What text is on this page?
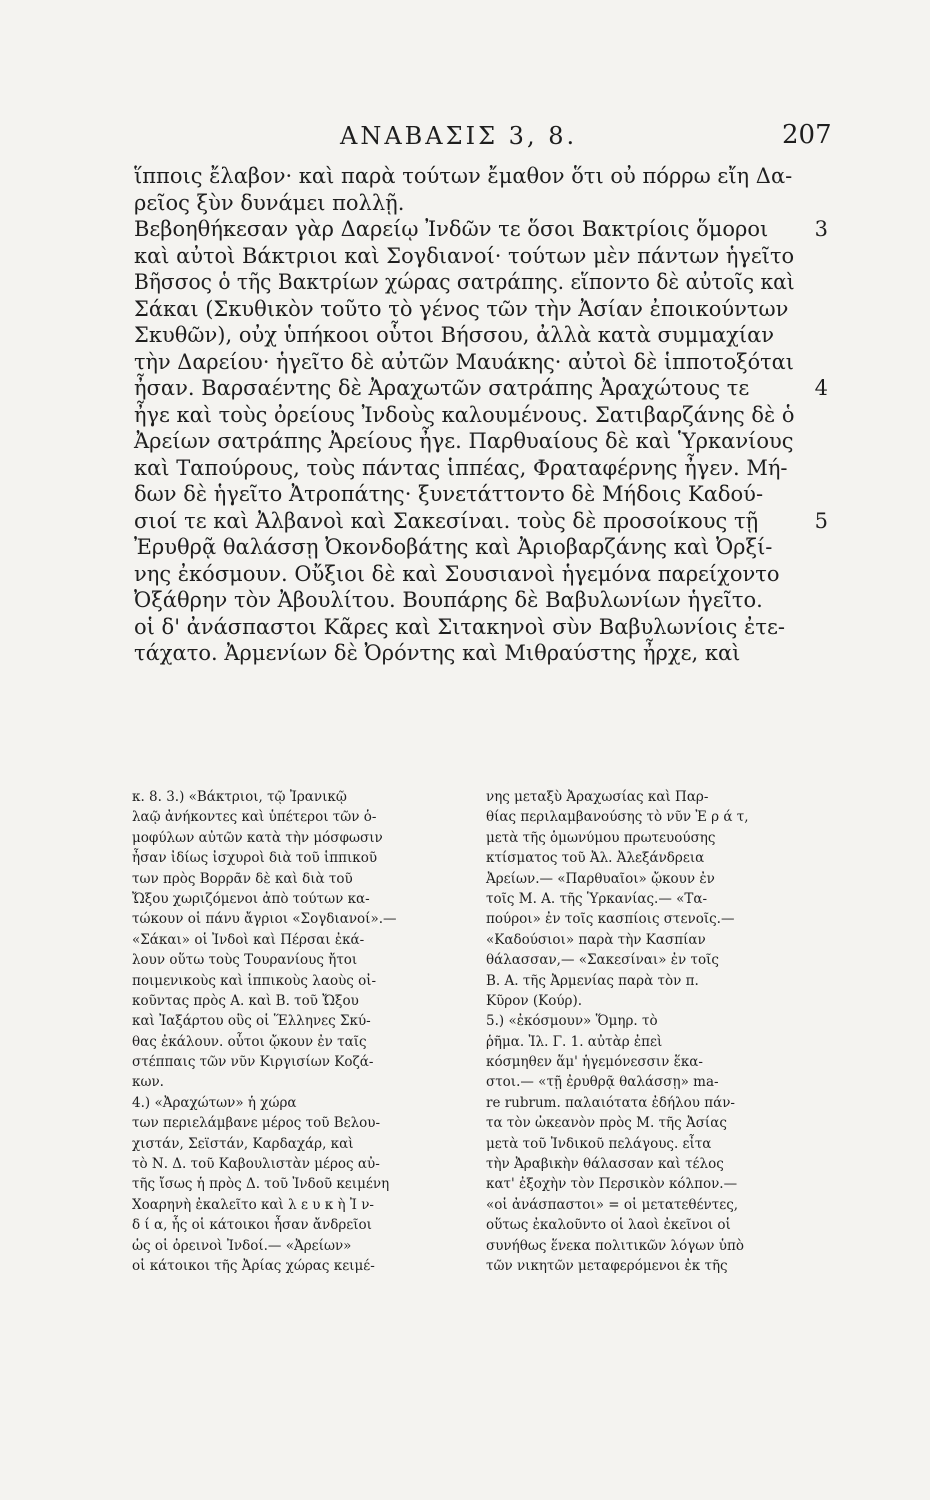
ΑΝΑΒΑΣΙΣ 3, 8.	207
ἵπποις ἔλαβον· καὶ παρὰ τούτων ἔμαθον ὅτι οὐ πόρρω εἴη Δα-
ρεῖος ξὺν δυνάμει πολλῇ.
Βεβοηθήκεσαν γὰρ Δαρείῳ Ἰνδῶν τε ὅσοι Βακτρίοις ὅμοροι 3
καὶ αὐτοὶ Βάκτριοι καὶ Σογδιανοί· τούτων μὲν πάντων ἡγεῖτο
Βῆσσος ὁ τῆς Βακτρίων χώρας σατράπης. εἵποντο δὲ αὐτοῖς καὶ
Σάκαι (Σκυθικὸν τοῦτο τὸ γένος τῶν τὴν Ἀσίαν ἐποικούντων
Σκυθῶν), οὐχ ὑπήκοοι οὗτοι Βήσσου, ἀλλὰ κατὰ συμμαχίαν
τὴν Δαρείου· ἡγεῖτο δὲ αὐτῶν Μαυάκης· αὐτοὶ δὲ ἱπποτοξόται
ἦσαν. Βαρσαέντης δὲ Ἀραχωτῶν σατράπης Ἀραχώτους τε	4
ἦγε καὶ τοὺς ὀρείους Ἰνδοὺς καλουμένους. Σατιβαρζάνης δὲ ὁ
Ἀρείων σατράπης Ἀρείους ἦγε. Παρθυαίους δὲ καὶ Ὑρκανίους
καὶ Ταπούρους, τοὺς πάντας ἱππέας, Φραταφέρνης ἦγεν. Μή-
δων δὲ ἡγεῖτο Ἀτροπάτης· ξυνετάττοντο δὲ Μήδοις Καδού-
σιοί τε καὶ Ἀλβανοὶ καὶ Σακεσίναι. τοὺς δὲ προσοίκους τῇ	5
Ἐρυθρᾷ θαλάσσῃ Ὀκονδοβάτης καὶ Ἀριοβαρζάνης καὶ Ὀρξί-
νης ἐκόσμουν. Οὔξιοι δὲ καὶ Σουσιανοὶ ἡγεμόνα παρείχοντο
Ὀξάθρην τὸν Ἀβουλίτου. Βουπάρης δὲ Βαβυλωνίων ἡγεῖτο.
οἱ δ' ἀνάσπαστοι Κᾶρες καὶ Σιτακηνοὶ σὺν Βαβυλωνίοις ἐτε-
τάχατο. Ἀρμενίων δὲ Ὀρόντης καὶ Μιθραύστης ἦρχε, καὶ
κ. 8. 3.) «Βάκτριοι, τῷ Ἰρανικῷ
λαῷ ἀνήκοντες καὶ ὑπέτεροι τῶν ὁ-
μοφύλων αὐτῶν κατὰ τὴν μόσφωσιν
ἦσαν ἰδίως ἰσχυροὶ διὰ τοῦ ἱππικοῦ
των πρὸς Βορρᾶν δὲ καὶ διὰ τοῦ
Ὤξου χωριζόμενοι ἀπὸ τούτων κα-
τώκουν οἱ πάνυ ἄγριοι «Σογδιανοί».—
«Σάκαι» οἱ Ἰνδοὶ καὶ Πέρσαι ἐκά-
λουν οὕτω τοὺς Τουρανίους ἤτοι
ποιμενικοὺς καὶ ἱππικοὺς λαοὺς οἰ-
κοῦντας πρὸς Α. καὶ Β. τοῦ Ὤξου
καὶ Ἰαξάρτου οὓς οἱ Ἕλληνες Σκύ-
θας ἐκάλουν. οὗτοι ᾤκουν ἐν ταῖς
στέππαις τῶν νῦν Κιργισίων Κοζά-
κων.
4.) «Ἀραχώτων» ἡ χώρα
των περιελάμβανε μέρος τοῦ Βελου-
χιστάν, Σεϊστάν, Καρδαχάρ, καὶ
τὸ Ν. Δ. τοῦ Καβουλιστὰν μέρος αὐ-
τῆς ἴσως ἡ πρὸς Δ. τοῦ Ἰνδοῦ κειμένη
Χοαρηνὴ ἐκαλεῖτο καὶ λ ε υ κ ὴ Ἰ ν-
δ ί α, ἧς οἱ κάτοικοι ἦσαν ἄνδρεῖοι
ὡς οἱ ὀρεινοὶ Ἰνδοί.— «Ἀρείων»
οἱ κάτοικοι τῆς Ἀρίας χώρας κειμέ-
νης μεταξὺ Ἀραχωσίας καὶ Παρ-
θίας περιλαμβανούσης τὸ νῦν Ἐ ρ ά τ,
μετὰ τῆς ὁμωνύμου πρωτευούσης
κτίσματος τοῦ Ἀλ. Ἀλεξάνδρεια
Ἀρείων.— «Παρθυαῖοι» ᾤκουν ἐν
τοῖς Μ. Α. τῆς Ὑρκανίας.— «Τα-
πούροι» ἐν τοῖς κασπίοις στενοῖς.—
«Καδούσιοι» παρὰ τὴν Κασπίαν
θάλασσαν,— «Σακεσίναι» ἐν τοῖς
Β. Α. τῆς Ἀρμενίας παρὰ τὸν π.
Κῦρον (Κούρ).
5.) «ἐκόσμουν» Ὅμηρ. τὸ
ῥῆμα. Ἰλ. Γ. 1. αὐτὰρ ἐπεὶ
κόσμηθεν ἅμ' ἡγεμόνεσσιν ἕκα-
στοι.— «τῇ ἐρυθρᾷ θαλάσσῃ» ma-
re rubrum. παλαιότατα ἐδήλου πάν-
τα τὸν ὠκεανὸν πρὸς Μ. τῆς Ἀσίας
μετὰ τοῦ Ἰνδικοῦ πελάγους. εἶτα
τὴν Ἀραβικὴν θάλασσαν καὶ τέλος
κατ' ἐξοχὴν τὸν Περσικὸν κόλπον.—
«οἱ ἀνάσπαστοι» = οἱ μετατεθέντες,
οὕτως ἐκαλοῦντο οἱ λαοὶ ἐκεῖνοι οἱ
συνήθως ἕνεκα πολιτικῶν λόγων ὑπὸ
τῶν νικητῶν μεταφερόμενοι ἐκ τῆς
